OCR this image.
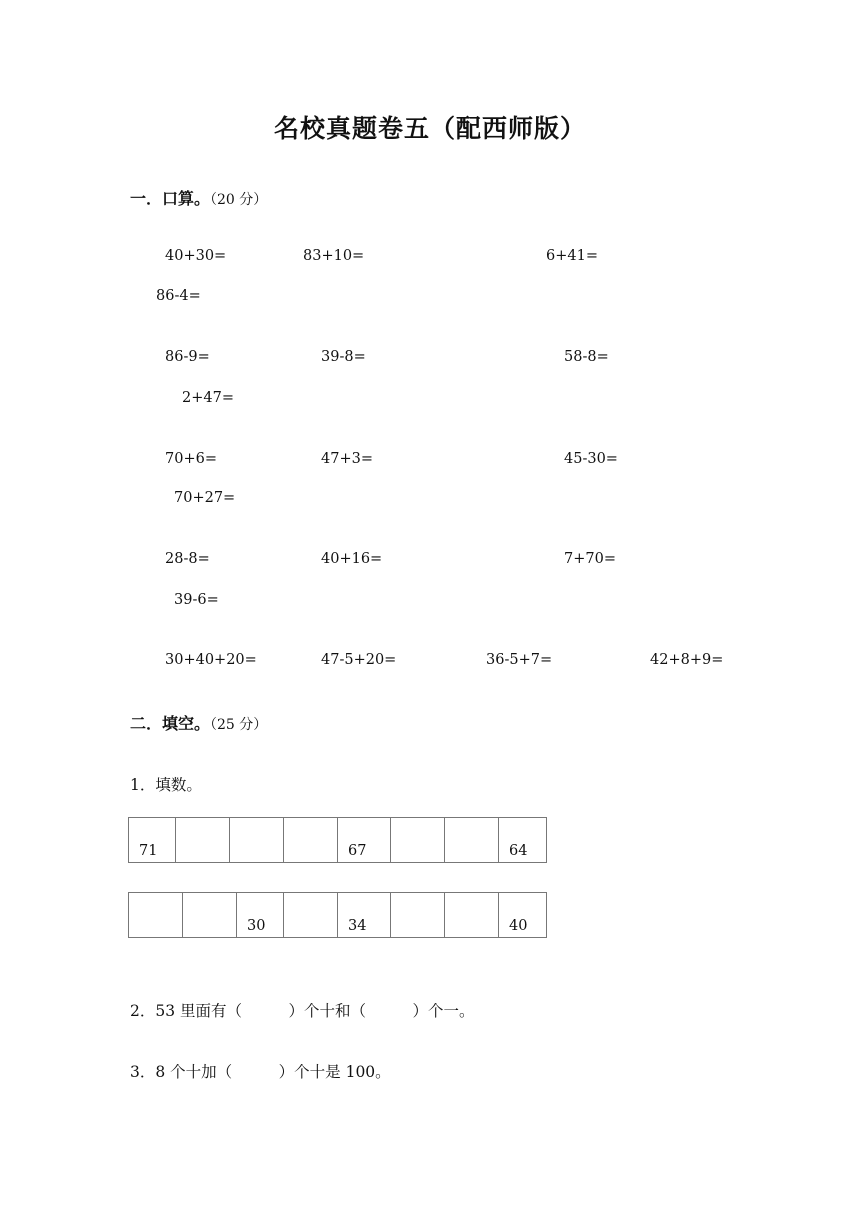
名校真题卷五（配西师版）
一．口算。（20 分）
40+30=	83+10=	6+41=
86-4=
86-9=	39-8=	58-8=
2+47=
70+6=	47+3=	45-30=
70+27=
28-8=	40+16=	7+70=
39-6=
30+40+20=	47-5+20=	36-5+7=	42+8+9=
二．填空。（25 分）
1．填数。
71				67			64
		30		34			40
2．53 里面有（　　　）个十和（　　　）个一。
3．8 个十加（　　　）个十是 100。
